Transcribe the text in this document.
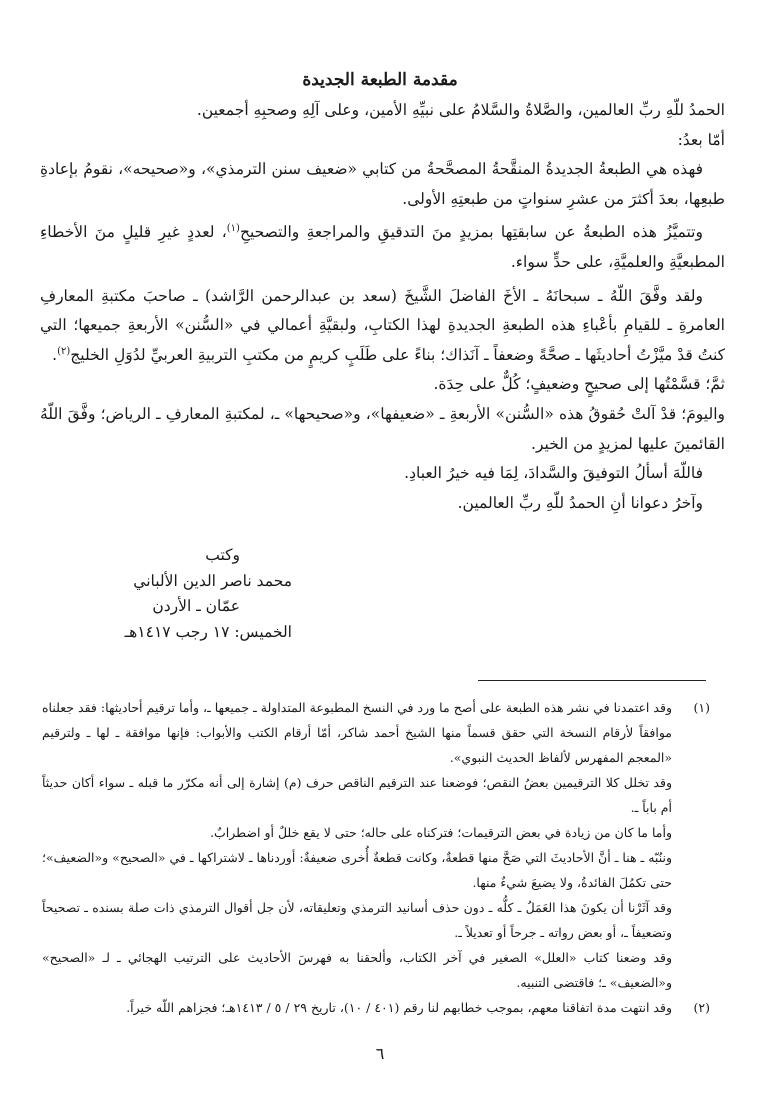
مقدمة الطبعة الجديدة

الحمدُ للّهِ ربِّ العالمين، والصَّلاةُ والسَّلامُ على نبيِّهِ الأمين، وعلى آلِهِ وصحبِهِ أجمعين.

أمّا بعدُ:

فهذه هي الطبعةُ الجديدةُ المنقَّحةُ المصحَّحةُ من كتابي «ضعيف سنن الترمذي»، و«صحيحه»، نقومُ بإعادةِ طبعِها، بعدَ أكثرَ من عشرِ سنواتٍ من طبعتِهِ الأولى.

وتتميَّزُ هذه الطبعةُ عن سابقتِها بمزيدٍ منَ التدقيقِ والمراجعةِ والتصحيحِ$^{(١)}$، لعددٍ غيرِ قليلٍ منَ الأخطاءِ المطبعيَّةِ والعلميَّةِ، على حدٍّ سواء.

ولقد وفَّقَ اللّهُ ـ سبحانَهُ ـ الأخَ الفاضلَ الشَّيخَ (سعد بن عبدالرحمن الرَّاشد) ـ صاحبَ مكتبةِ المعارفِ العامرةِ ـ للقيامِ بأعْباءِ هذه الطبعةِ الجديدةِ لهذا الكتابِ، ولبقيَّةِ أعمالي في «السُّنن» الأربعةِ جميعها؛ التي كنتُ قدْ ميَّزْتُ أحاديثَها ـ صحَّةً وضعفاً ـ آنَذاك؛ بناءً على طَلَبٍ كريمٍ من مكتبِ التربيةِ العربيِّ لدُوَلِ الخليج$^{(٢)}$.

ثمَّ؛ قسَّمْتُها إلى صحيحٍ وضعيفٍ؛ كُلٌّ على حِدَة.

واليومَ؛ قدْ آلتْ حُقوقُ هذه «السُّنن» الأربعةِ ـ «ضعيفها»، و«صحيحها» ـ، لمكتبةِ المعارفِ ـ الرياض؛ وفَّقَ اللّهُ القائمينَ عليها لمزيدٍ من الخير.

فاللّهَ أسألُ التوفيقَ والسَّدادَ، لِمَا فيه خيرُ العبادِ.

وآخرُ دعوانا أنِ الحمدُ للّهِ ربِّ العالمين.

وكتب
محمد ناصر الدين الألباني
عمّان ـ الأردن
الخميس: ١٧ رجب ١٤١٧هـ
(١)

وقد اعتمدنا في نشر هذه الطبعة على أصح ما ورد في النسخ المطبوعة المتداولة ـ جميعها ـ، وأما ترقيم أحاديثها: فقد جعلناه موافقاً لأرقام النسخة التي حقق قسماً منها الشيخ أحمد شاكر، أمّا أرقام الكتب والأبواب: فإنها موافقة ـ لها ـ ولترقيم «المعجم المفهرس لألفاظ الحديث النبوي».

وقد تخلل كلا الترقيمين بعضُ النقص؛ فوضعنا عند الترقيم الناقص حرف (م) إشارة إلى أنه مكرّر ما قبله ـ سواء أكان حديثاً أم باباً ـ.

وأما ما كان من زيادة في بعض الترقيمات؛ فتركناه على حاله؛ حتى لا يقع خللٌ أو اضطرابٌ.

وننُبّه ـ هنا ـ أنَّ الأحاديثَ التي صَحَّ منها قطعةٌ، وكانت قطعةٌ أُخرى ضعيفةٌ: أوردناها ـ لاشتراكها ـ في «الصحيح» و«الضعيف»؛ حتى تكمُلَ الفائدةُ، ولا يضيعَ شيءٌ منها.

وقد آثَرْنا أن يكونَ هذا العَمَلُ ـ كلُّه ـ دون حذف أسانيد الترمذي وتعليقاته، لأن جل أقوال الترمذي ذات صلة بسنده ـ تصحيحاً وتضعيفاً ـ، أو بعض رواته ـ جرحاً أو تعديلاً ـ.

وقد وضعنا كتاب «العلل» الصغير في آخر الكتاب، وألحقنا به فهرسَ الأحاديث على الترتيب الهجائي ـ لـ «الصحيح» و«الضعيف» ـ؛ فاقتضى التنبيه.

(٢)

وقد انتهت مدة اتفاقنا معهم، بموجب خطابهم لنا رقم (٤٠١ / ١٠)، تاريخ ٢٩ / ٥ / ١٤١٣هـ؛ فجزاهم اللّه خيراً.

٦
